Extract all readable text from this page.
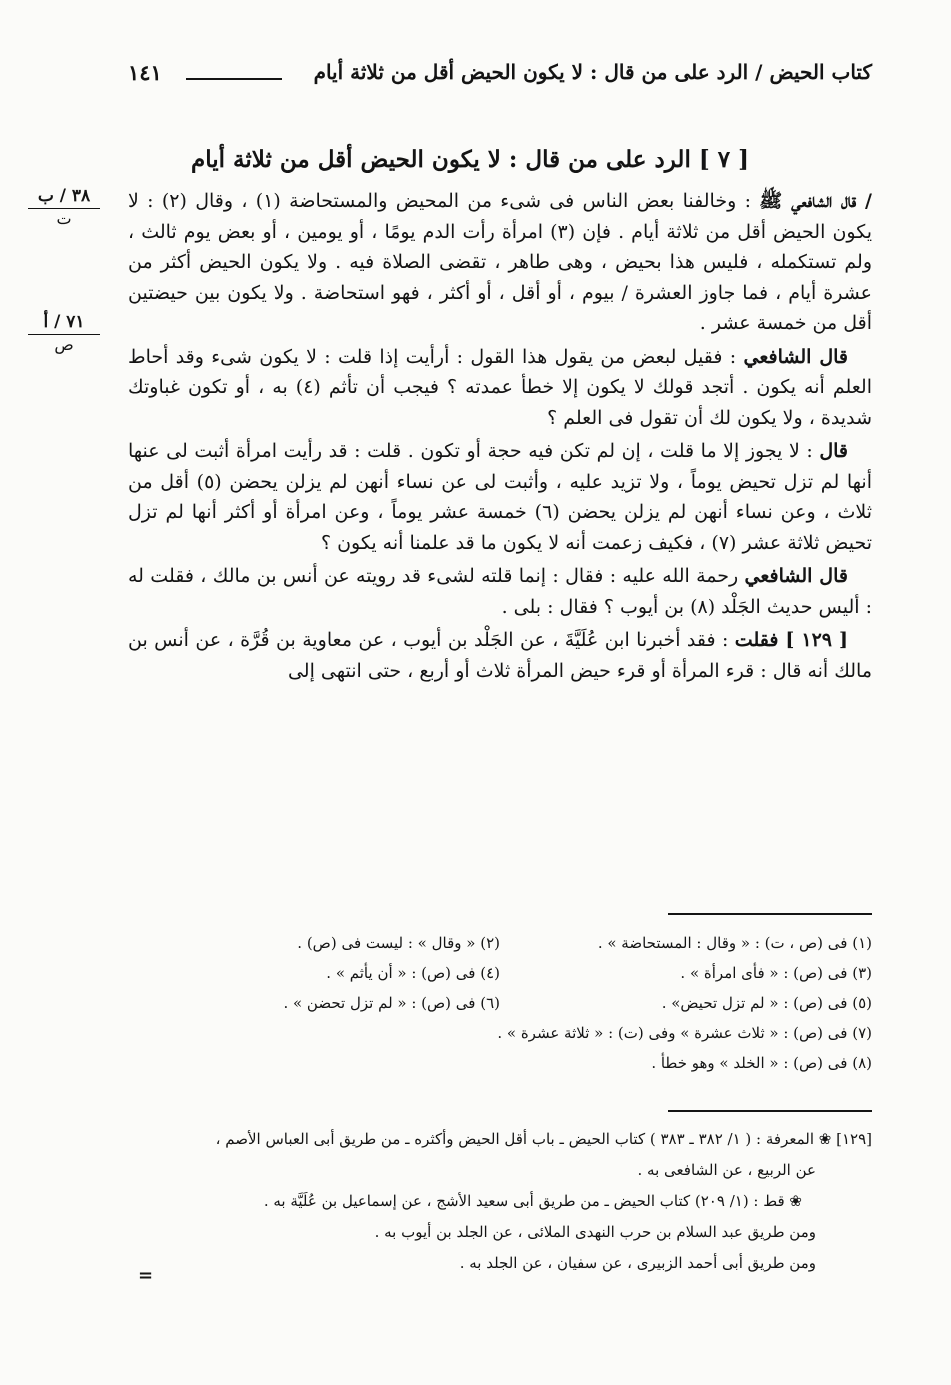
كتاب الحيض / الرد على من قال : لا يكون الحيض أقل من ثلاثة أيام
١٤١
[ ٧ ] الرد على من قال : لا يكون الحيض أقل من ثلاثة أيام
٣٨ / ب
ت
٧١ / أ
ص

/ قال الشافعي ﷺ : وخالفنا بعض الناس فى شىء من المحيض والمستحاضة (١) ، وقال (٢) : لا يكون الحيض أقل من ثلاثة أيام . فإن (٣) امرأة رأت الدم يومًا ، أو يومين ، أو بعض يوم ثالث ، ولم تستكمله ، فليس هذا بحيض ، وهى طاهر ، تقضى الصلاة فيه . ولا يكون الحيض أكثر من عشرة أيام ، فما جاوز العشرة / بيوم ، أو أقل ، أو أكثر ، فهو استحاضة . ولا يكون بين حيضتين أقل من خمسة عشر .

قال الشافعي : فقيل لبعض من يقول هذا القول : أرأيت إذا قلت : لا يكون شىء وقد أحاط العلم أنه يكون . أتجد قولك لا يكون إلا خطأ عمدته ؟ فيجب أن تأثم (٤) به ، أو تكون غباوتك شديدة ، ولا يكون لك أن تقول فى العلم ؟

قال : لا يجوز إلا ما قلت ، إن لم تكن فيه حجة أو تكون . قلت : قد رأيت امرأة أثبت لى عنها أنها لم تزل تحيض يوماً ، ولا تزيد عليه ، وأثبت لى عن نساء أنهن لم يزلن يحضن (٥) أقل من ثلاث ، وعن نساء أنهن لم يزلن يحضن (٦) خمسة عشر يوماً ، وعن امرأة أو أكثر أنها لم تزل تحيض ثلاثة عشر (٧) ، فكيف زعمت أنه لا يكون ما قد علمنا أنه يكون ؟

قال الشافعي رحمة الله عليه : فقال : إنما قلته لشىء قد رويته عن أنس بن مالك ، فقلت له : أليس حديث الجَلْد (٨) بن أيوب ؟ فقال : بلى .

[ ١٢٩ ] فقلت : فقد أخبرنا ابن عُلَيَّةَ ، عن الجَلْد بن أيوب ، عن معاوية بن قُرَّة ، عن أنس بن مالك أنه قال : قرء المرأة أو قرء حيض المرأة ثلاث أو أربع ، حتى انتهى إلى

(١) فى (ص ، ت) : « وقال : المستحاضة » .
(٢) « وقال » : ليست فى (ص) .
(٣) فى (ص) : « فأى امرأة » .
(٤) فى (ص) : « أن يأثم » .
(٥) فى (ص) : « لم تزل تحيض» .
(٦) فى (ص) : « لم تزل تحضن » .
(٧) فى (ص) : « ثلاث عشرة » وفى (ت) : « ثلاثة عشرة » .
(٨) فى (ص) : « الخلد » وهو خطأ .
[١٢٩] ❀ المعرفة : ( ١/ ٣٨٢ ـ ٣٨٣ ) كتاب الحيض ـ باب أقل الحيض وأكثره ـ من طريق أبى العباس الأصم ،
عن الربيع ، عن الشافعى به .
❀ قط : (١/ ٢٠٩) كتاب الحيض ـ من طريق أبى سعيد الأشج ، عن إسماعيل بن عُلَيَّة به .
ومن طريق عبد السلام بن حرب النهدى الملائى ، عن الجلد بن أيوب به .
ومن طريق أبى أحمد الزبيرى ، عن سفيان ، عن الجلد به .
=
